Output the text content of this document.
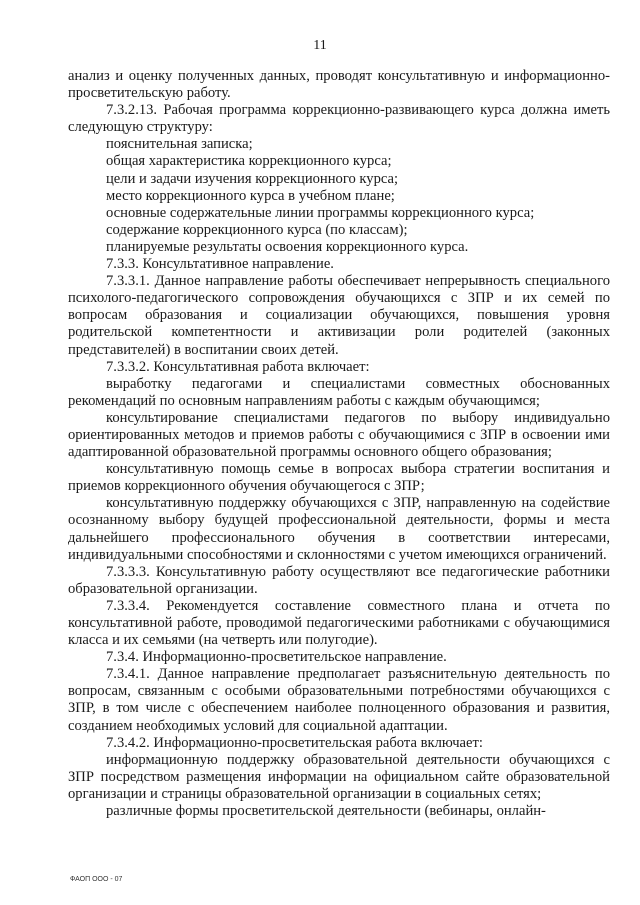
11

анализ и оценку полученных данных, проводят консультативную и информационно-просветительскую работу.

7.3.2.13. Рабочая программа коррекционно-развивающего курса должна иметь следующую структуру:

пояснительная записка;

общая характеристика коррекционного курса;

цели и задачи изучения коррекционного курса;

место коррекционного курса в учебном плане;

основные содержательные линии программы коррекционного курса;

содержание коррекционного курса (по классам);

планируемые результаты освоения коррекционного курса.

7.3.3. Консультативное направление.

7.3.3.1. Данное направление работы обеспечивает непрерывность специального психолого-педагогического сопровождения обучающихся с ЗПР и их семей по вопросам образования и социализации обучающихся, повышения уровня родительской компетентности и активизации роли родителей (законных представителей) в воспитании своих детей.

7.3.3.2. Консультативная работа включает:

выработку педагогами и специалистами совместных обоснованных рекомендаций по основным направлениям работы с каждым обучающимся;

консультирование специалистами педагогов по выбору индивидуально ориентированных методов и приемов работы с обучающимися с ЗПР в освоении ими адаптированной образовательной программы основного общего образования;

консультативную помощь семье в вопросах выбора стратегии воспитания и приемов коррекционного обучения обучающегося с ЗПР;

консультативную поддержку обучающихся с ЗПР, направленную на содействие осознанному выбору будущей профессиональной деятельности, формы и места дальнейшего профессионального обучения в соответствии интересами, индивидуальными способностями и склонностями с учетом имеющихся ограничений.

7.3.3.3. Консультативную работу осуществляют все педагогические работники образовательной организации.

7.3.3.4. Рекомендуется составление совместного плана и отчета по консультативной работе, проводимой педагогическими работниками с обучающимися класса и их семьями (на четверть или полугодие).

7.3.4. Информационно-просветительское направление.

7.3.4.1. Данное направление предполагает разъяснительную деятельность по вопросам, связанным с особыми образовательными потребностями обучающихся с ЗПР, в том числе с обеспечением наиболее полноценного образования и развития, созданием необходимых условий для социальной адаптации.

7.3.4.2. Информационно-просветительская работа включает:

информационную поддержку образовательной деятельности обучающихся с ЗПР посредством размещения информации на официальном сайте образовательной организации и страницы образовательной организации в социальных сетях;

различные формы просветительской деятельности (вебинары, онлайн-

ФАОП ООО - 07
